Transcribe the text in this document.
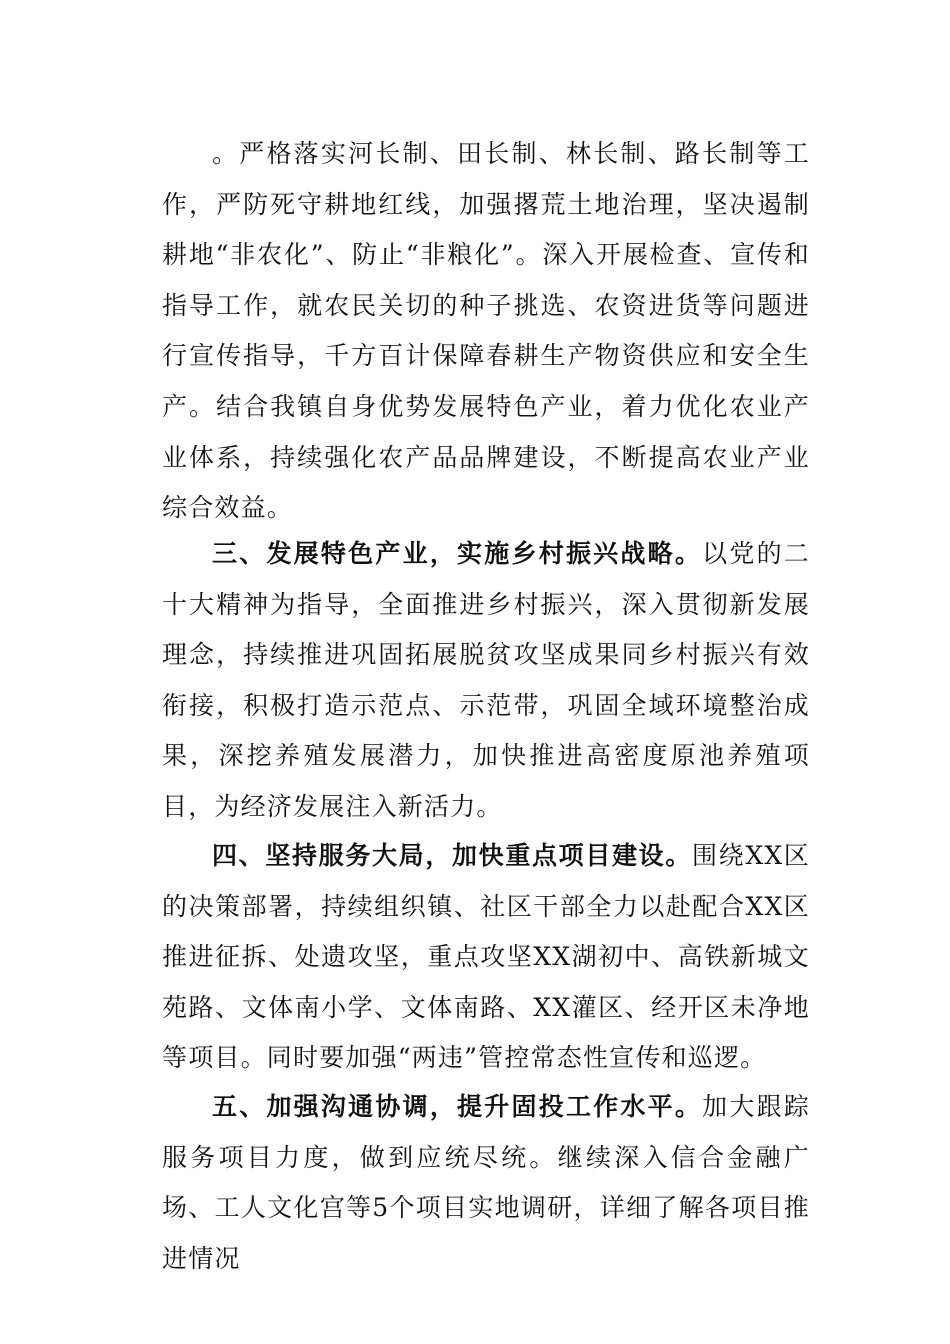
。严格落实河长制、田长制、林长制、路长制等工作，严防死守耕地红线，加强撂荒土地治理，坚决遏制耕地“非农化”、防止“非粮化”。深入开展检查、宣传和指导工作，就农民关切的种子挑选、农资进货等问题进行宣传指导，千方百计保障春耕生产物资供应和安全生产。结合我镇自身优势发展特色产业，着力优化农业产业体系，持续强化农产品品牌建设，不断提高农业产业综合效益。

三、发展特色产业，实施乡村振兴战略。以党的二十大精神为指导，全面推进乡村振兴，深入贯彻新发展理念，持续推进巩固拓展脱贫攻坚成果同乡村振兴有效衔接，积极打造示范点、示范带，巩固全域环境整治成果，深挖养殖发展潜力，加快推进高密度原池养殖项目，为经济发展注入新活力。

四、坚持服务大局，加快重点项目建设。围绕XX区的决策部署，持续组织镇、社区干部全力以赴配合XX区推进征拆、处遗攻坚，重点攻坚XX湖初中、高铁新城文苑路、文体南小学、文体南路、XX灌区、经开区未净地等项目。同时要加强“两违”管控常态性宣传和巡逻。

五、加强沟通协调，提升固投工作水平。加大跟踪服务项目力度，做到应统尽统。继续深入信合金融广场、工人文化宫等5个项目实地调研，详细了解各项目推进情况
